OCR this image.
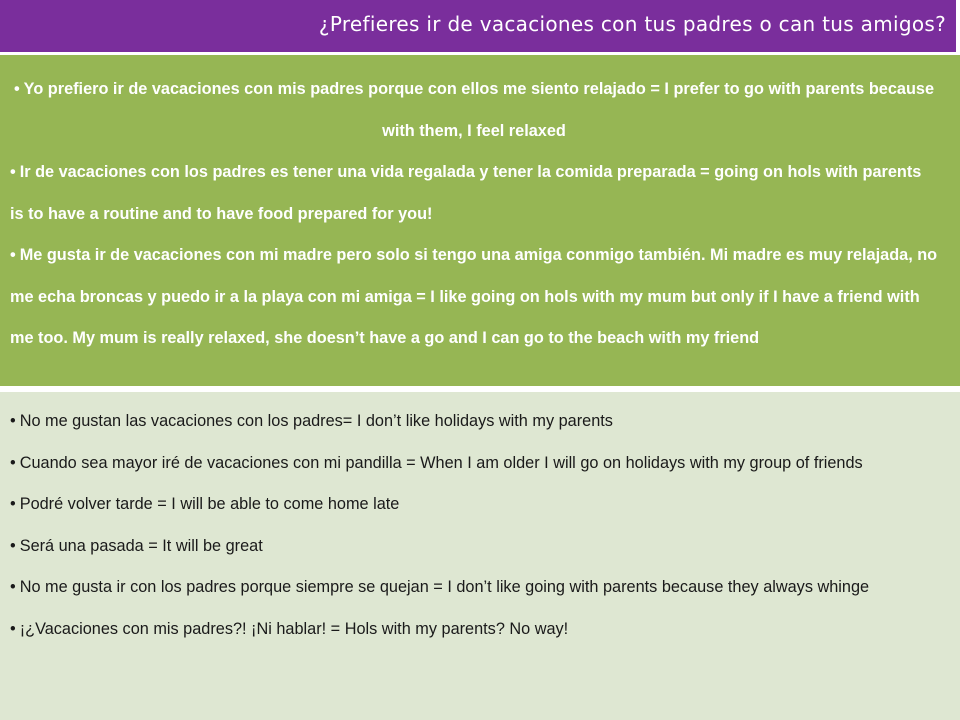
¿Prefieres ir de vacaciones con tus padres o can tus amigos?
• Yo prefiero ir de vacaciones con mis padres porque con ellos me siento relajado = I prefer to go with parents because with them, I feel relaxed
• Ir de vacaciones con los padres es tener una vida regalada y tener la comida preparada = going on hols with parents is to have a routine and to have food prepared for you!
• Me gusta ir de vacaciones con mi madre pero solo si tengo una amiga conmigo también. Mi madre es muy relajada, no me echa broncas y puedo ir a la playa con mi amiga = I like going on hols with my mum but only if I have a friend with me too. My mum is really relaxed, she doesn’t have a go and I can go to the beach with my friend
• No me gustan las vacaciones con los padres= I don’t like holidays with my parents
• Cuando sea mayor iré de vacaciones con mi pandilla = When I am older I will go on holidays with my group of friends
• Podré volver tarde = I will be able to come home late
• Será una pasada = It will be great
• No me gusta ir con los padres porque siempre se quejan = I don’t like going with parents because they always whinge
• ¡¿Vacaciones con mis padres?! ¡Ni hablar! = Hols with my parents? No way!
